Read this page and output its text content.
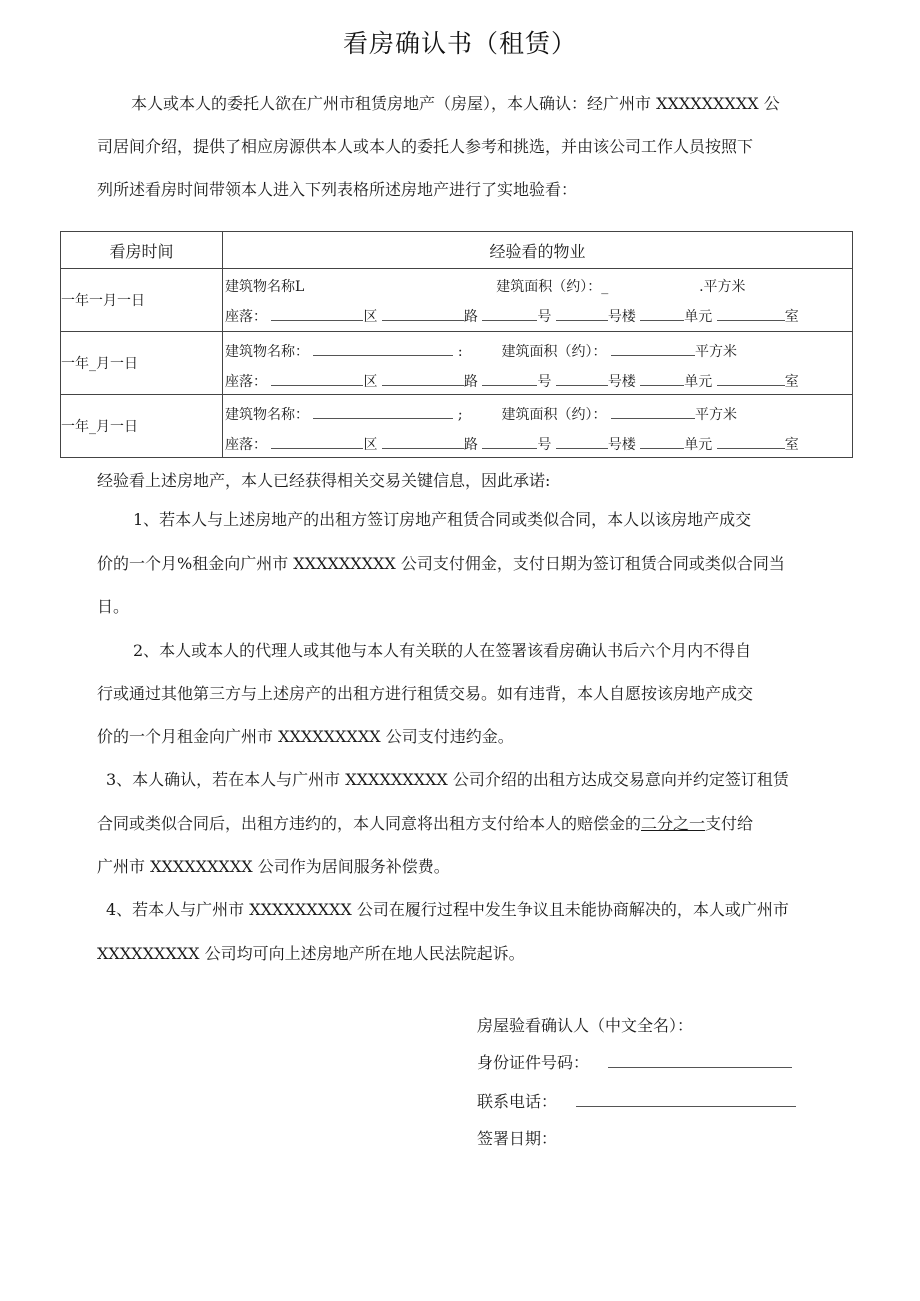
看房确认书（租赁）
本人或本人的委托人欲在广州市租赁房地产（房屋），本人确认：经广州市 XXXXXXXXX 公
司居间介绍，提供了相应房源供本人或本人的委托人参考和挑选，并由该公司工作人员按照下
列所述看房时间带领本人进入下列表格所述房地产进行了实地验看：
看房时间	经验看的物业
一年一月一日	建筑物名称L 建筑面积（约）：_ .平方米
座落： 区 路 号 号楼 单元 室

一年_月一日	建筑物名称： : 建筑面积（约）： 平方米
座落： 区 路 号 号楼 单元 室

一年_月一日	建筑物名称： ; 建筑面积（约）： 平方米
座落： 区 路 号 号楼 单元 室
经验看上述房地产，本人已经获得相关交易关键信息，因此承诺:
1、若本人与上述房地产的出租方签订房地产租赁合同或类似合同，本人以该房地产成交
价的一个月%租金向广州市 XXXXXXXXX 公司支付佣金，支付日期为签订租赁合同或类似合同当
日。
2、本人或本人的代理人或其他与本人有关联的人在签署该看房确认书后六个月内不得自
行或通过其他第三方与上述房产的出租方进行租赁交易。如有违背，本人自愿按该房地产成交
价的一个月租金向广州市 XXXXXXXXX 公司支付违约金。
3、本人确认，若在本人与广州市 XXXXXXXXX 公司介绍的出租方达成交易意向并约定签订租赁
合同或类似合同后，出租方违约的，本人同意将出租方支付给本人的赔偿金的二分之一支付给
广州市 XXXXXXXXX 公司作为居间服务补偿费。
4、若本人与广州市 XXXXXXXXX 公司在履行过程中发生争议且未能协商解决的，本人或广州市
XXXXXXXXX 公司均可向上述房地产所在地人民法院起诉。
房屋验看确认人（中文全名）：
身份证件号码：
联系电话：
签署日期：
